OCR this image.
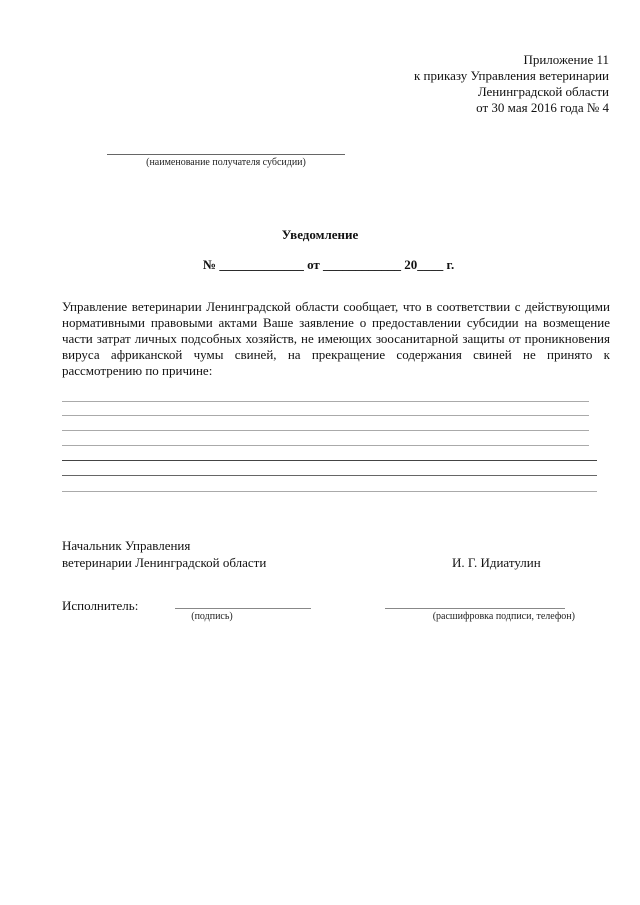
Приложение 11
к приказу Управления ветеринарии
Ленинградской области
от 30 мая 2016 года № 4
(наименование получателя субсидии)
Уведомление
№ _____________ от ____________ 20____ г.
Управление ветеринарии Ленинградской области сообщает, что в соответствии с действующими нормативными правовыми актами Ваше заявление о предоставлении субсидии на возмещение части затрат личных подсобных хозяйств, не имеющих зоосанитарной защиты от проникновения вируса африканской чумы свиней, на прекращение содержания свиней не принято к рассмотрению по причине:
Начальник Управления
ветеринарии Ленинградской области	И. Г. Идиатулин
Исполнитель:
(подпись)	(расшифровка подписи, телефон)
